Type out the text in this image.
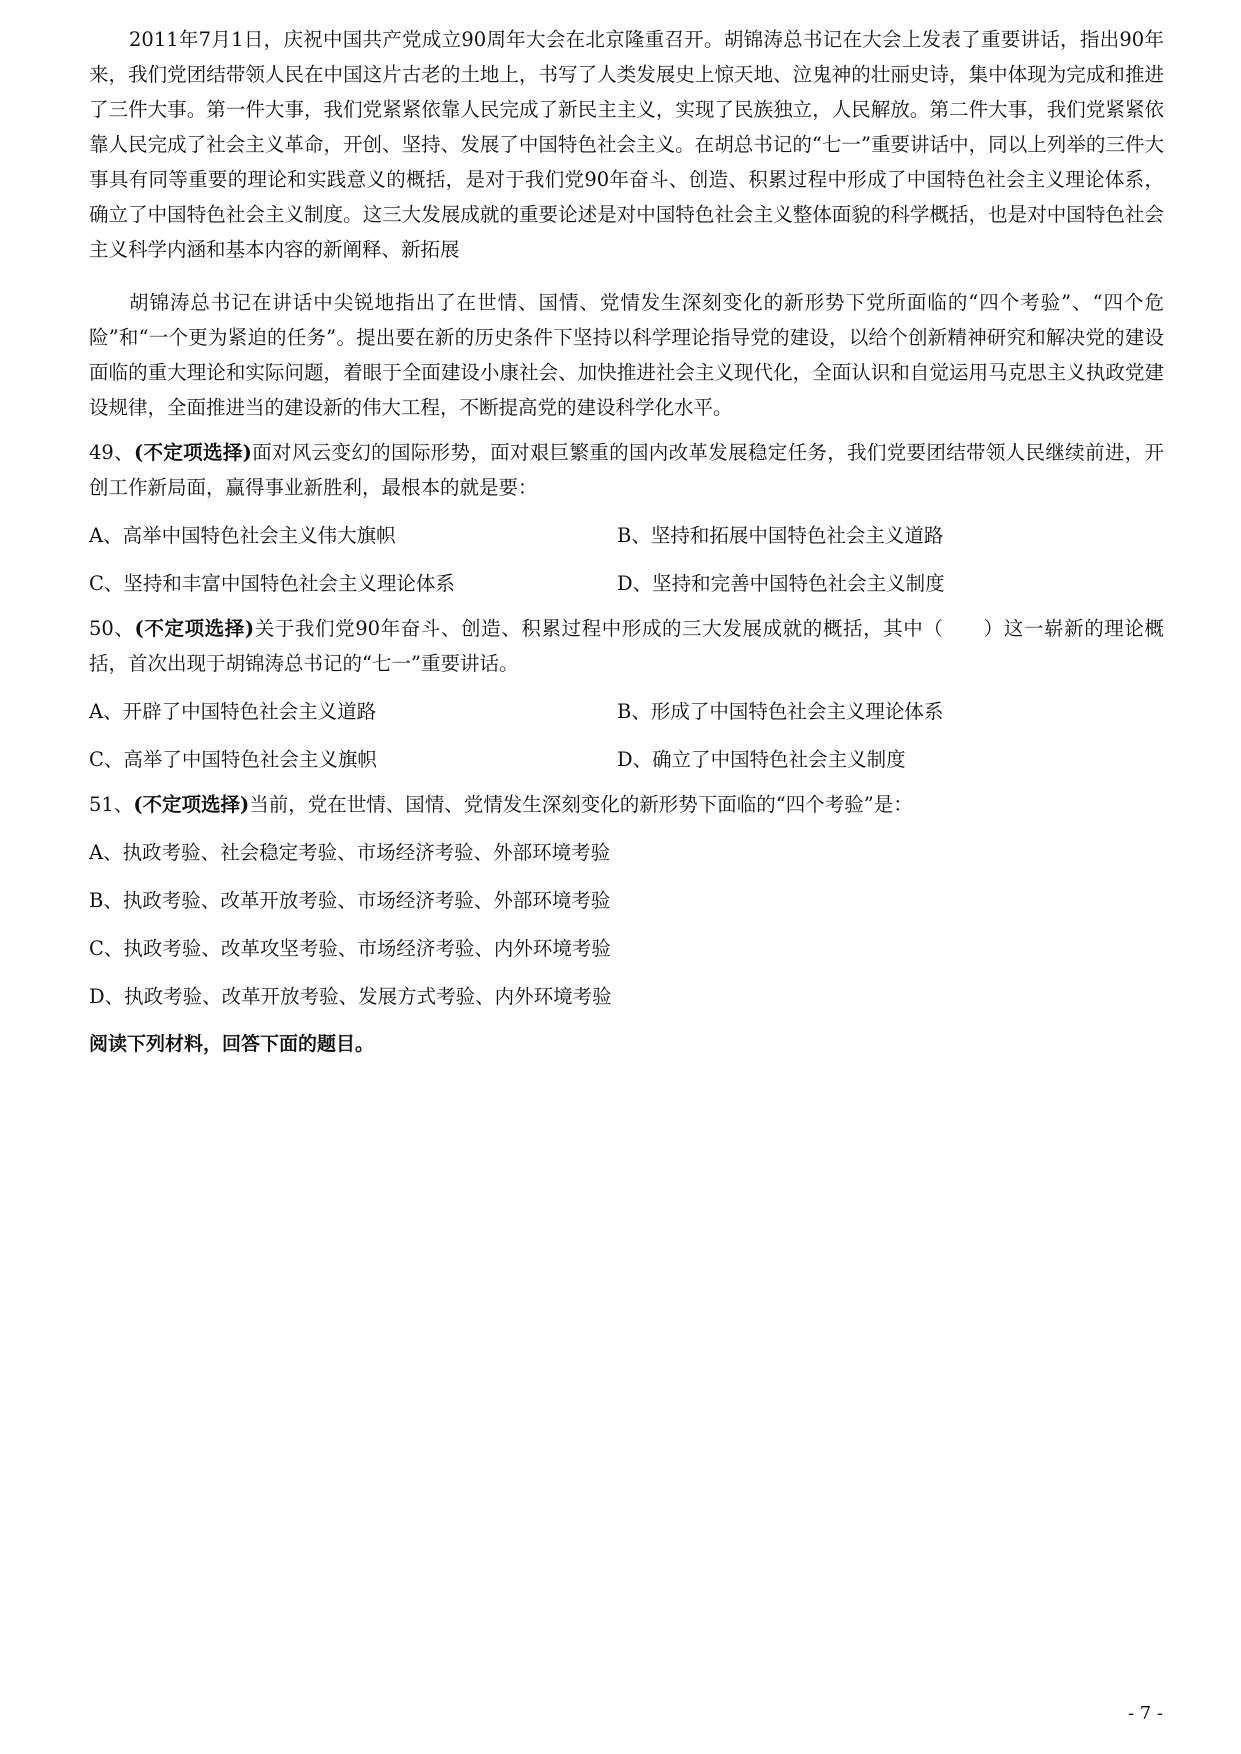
2011年7月1日，庆祝中国共产党成立90周年大会在北京隆重召开。胡锦涛总书记在大会上发表了重要讲话，指出90年来，我们党团结带领人民在中国这片古老的土地上，书写了人类发展史上惊天地、泣鬼神的壮丽史诗，集中体现为完成和推进了三件大事。第一件大事，我们党紧紧依靠人民完成了新民主主义，实现了民族独立，人民解放。第二件大事，我们党紧紧依靠人民完成了社会主义革命，开创、坚持、发展了中国特色社会主义。在胡总书记的“七一”重要讲话中，同以上列举的三件大事具有同等重要的理论和实践意义的概括，是对于我们党90年奋斗、创造、积累过程中形成了中国特色社会主义理论体系，确立了中国特色社会主义制度。这三大发展成就的重要论述是对中国特色社会主义整体面貌的科学概括，也是对中国特色社会主义科学内涵和基本内容的新阐释、新拓展

胡锦涛总书记在讲话中尖锐地指出了在世情、国情、党情发生深刻变化的新形势下党所面临的“四个考验”、“四个危险”和“一个更为紧迫的任务”。提出要在新的历史条件下坚持以科学理论指导党的建设，以给个创新精神研究和解决党的建设面临的重大理论和实际问题，着眼于全面建设小康社会、加快推进社会主义现代化，全面认识和自觉运用马克思主义执政党建设规律，全面推进当的建设新的伟大工程，不断提高党的建设科学化水平。

49、(不定项选择)面对风云变幻的国际形势，面对艰巨繁重的国内改革发展稳定任务，我们党要团结带领人民继续前进，开创工作新局面，赢得事业新胜利，最根本的就是要：

A、高举中国特色社会主义伟大旗帜	B、坚持和拓展中国特色社会主义道路
C、坚持和丰富中国特色社会主义理论体系	D、坚持和完善中国特色社会主义制度

50、(不定项选择)关于我们党90年奋斗、创造、积累过程中形成的三大发展成就的概括，其中（　　）这一崭新的理论概括，首次出现于胡锦涛总书记的“七一”重要讲话。

A、开辟了中国特色社会主义道路	B、形成了中国特色社会主义理论体系
C、高举了中国特色社会主义旗帜	D、确立了中国特色社会主义制度

51、(不定项选择)当前，党在世情、国情、党情发生深刻变化的新形势下面临的“四个考验”是：

A、执政考验、社会稳定考验、市场经济考验、外部环境考验
B、执政考验、改革开放考验、市场经济考验、外部环境考验
C、执政考验、改革攻坚考验、市场经济考验、内外环境考验
D、执政考验、改革开放考验、发展方式考验、内外环境考验
阅读下列材料，回答下面的题目。
- 7 -
